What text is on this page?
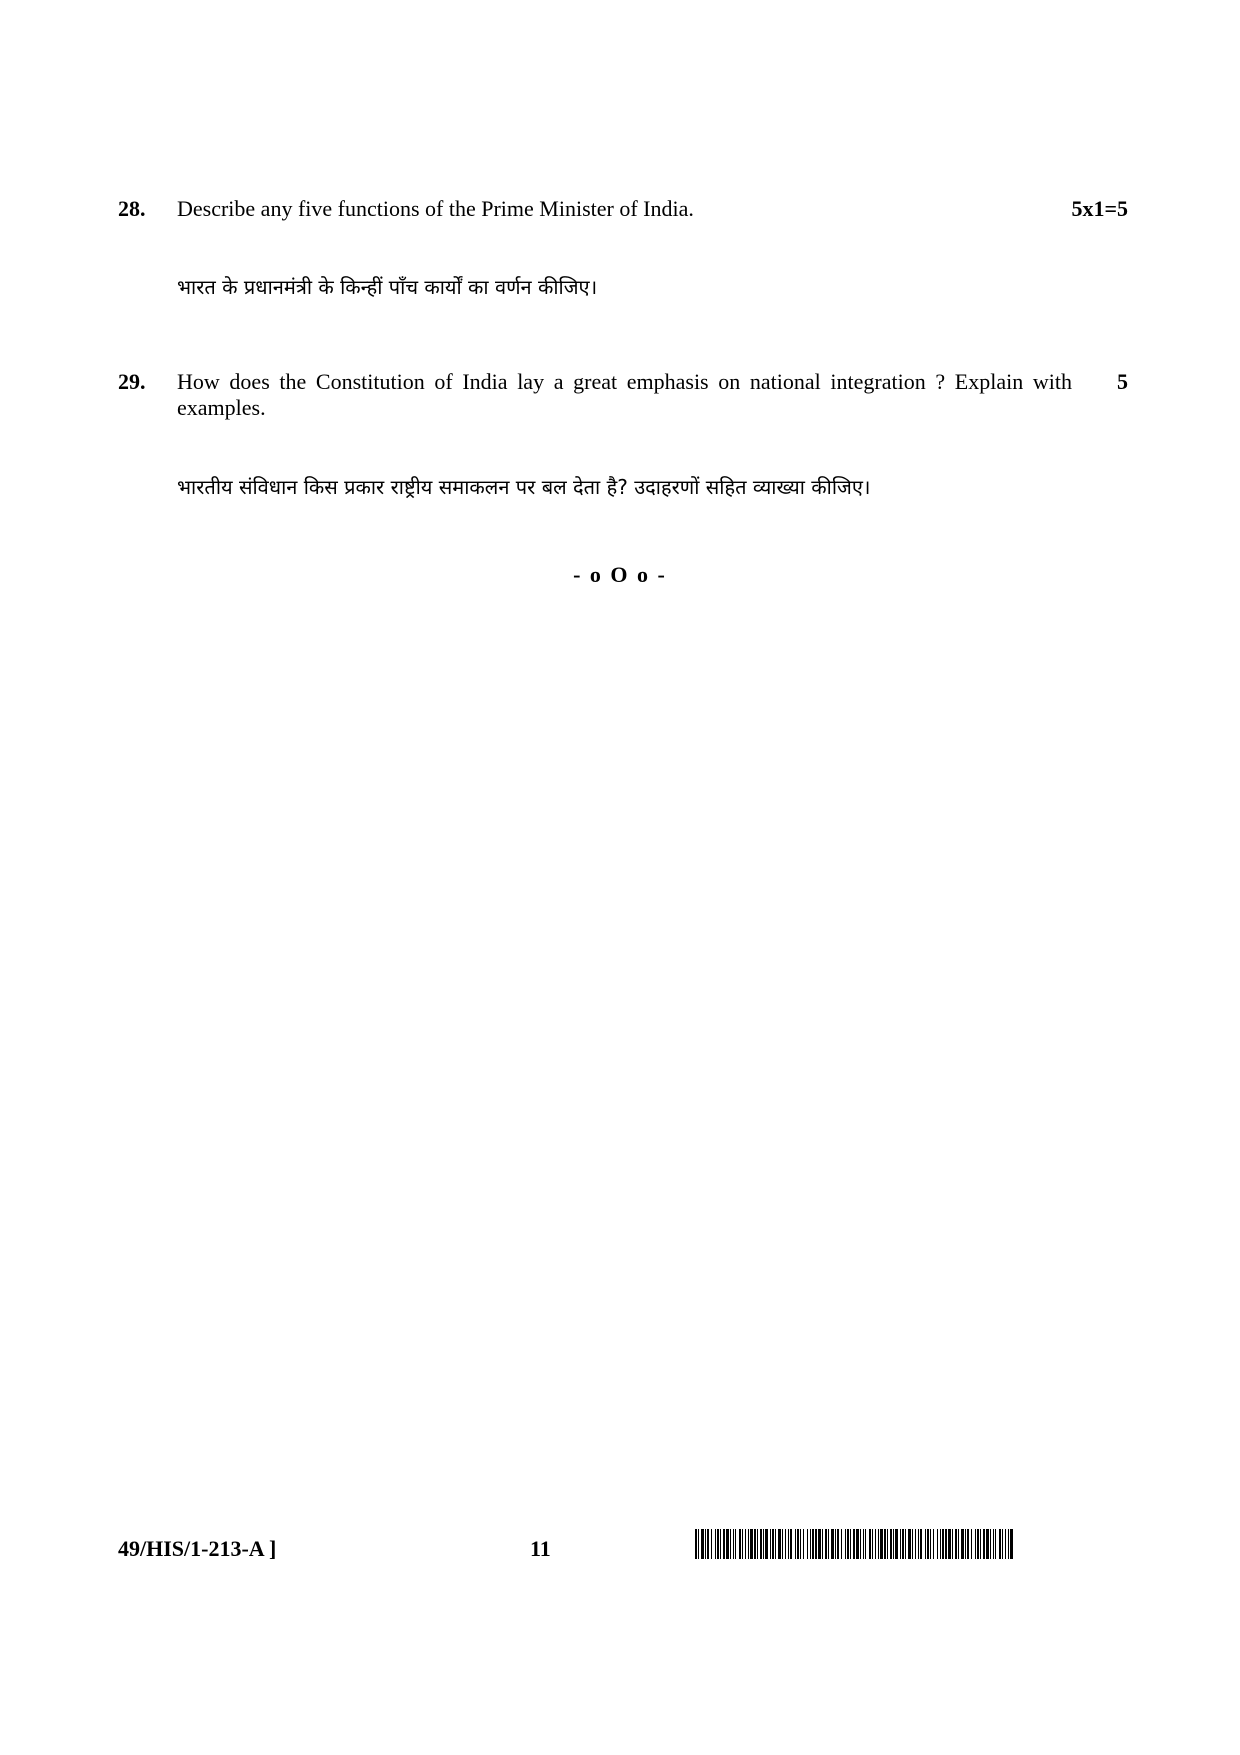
28. Describe any five functions of the Prime Minister of India.	5x1=5
भारत के प्रधानमंत्री के किन्हीं पाँच कार्यों का वर्णन कीजिए।
29. How does the Constitution of India lay a great emphasis on national integration ? Explain with examples.
5
भारतीय संविधान किस प्रकार राष्ट्रीय समाकलन पर बल देता है? उदाहरणों सहित व्याख्या कीजिए।
- o O o -
49/HIS/1-213-A ]	11
